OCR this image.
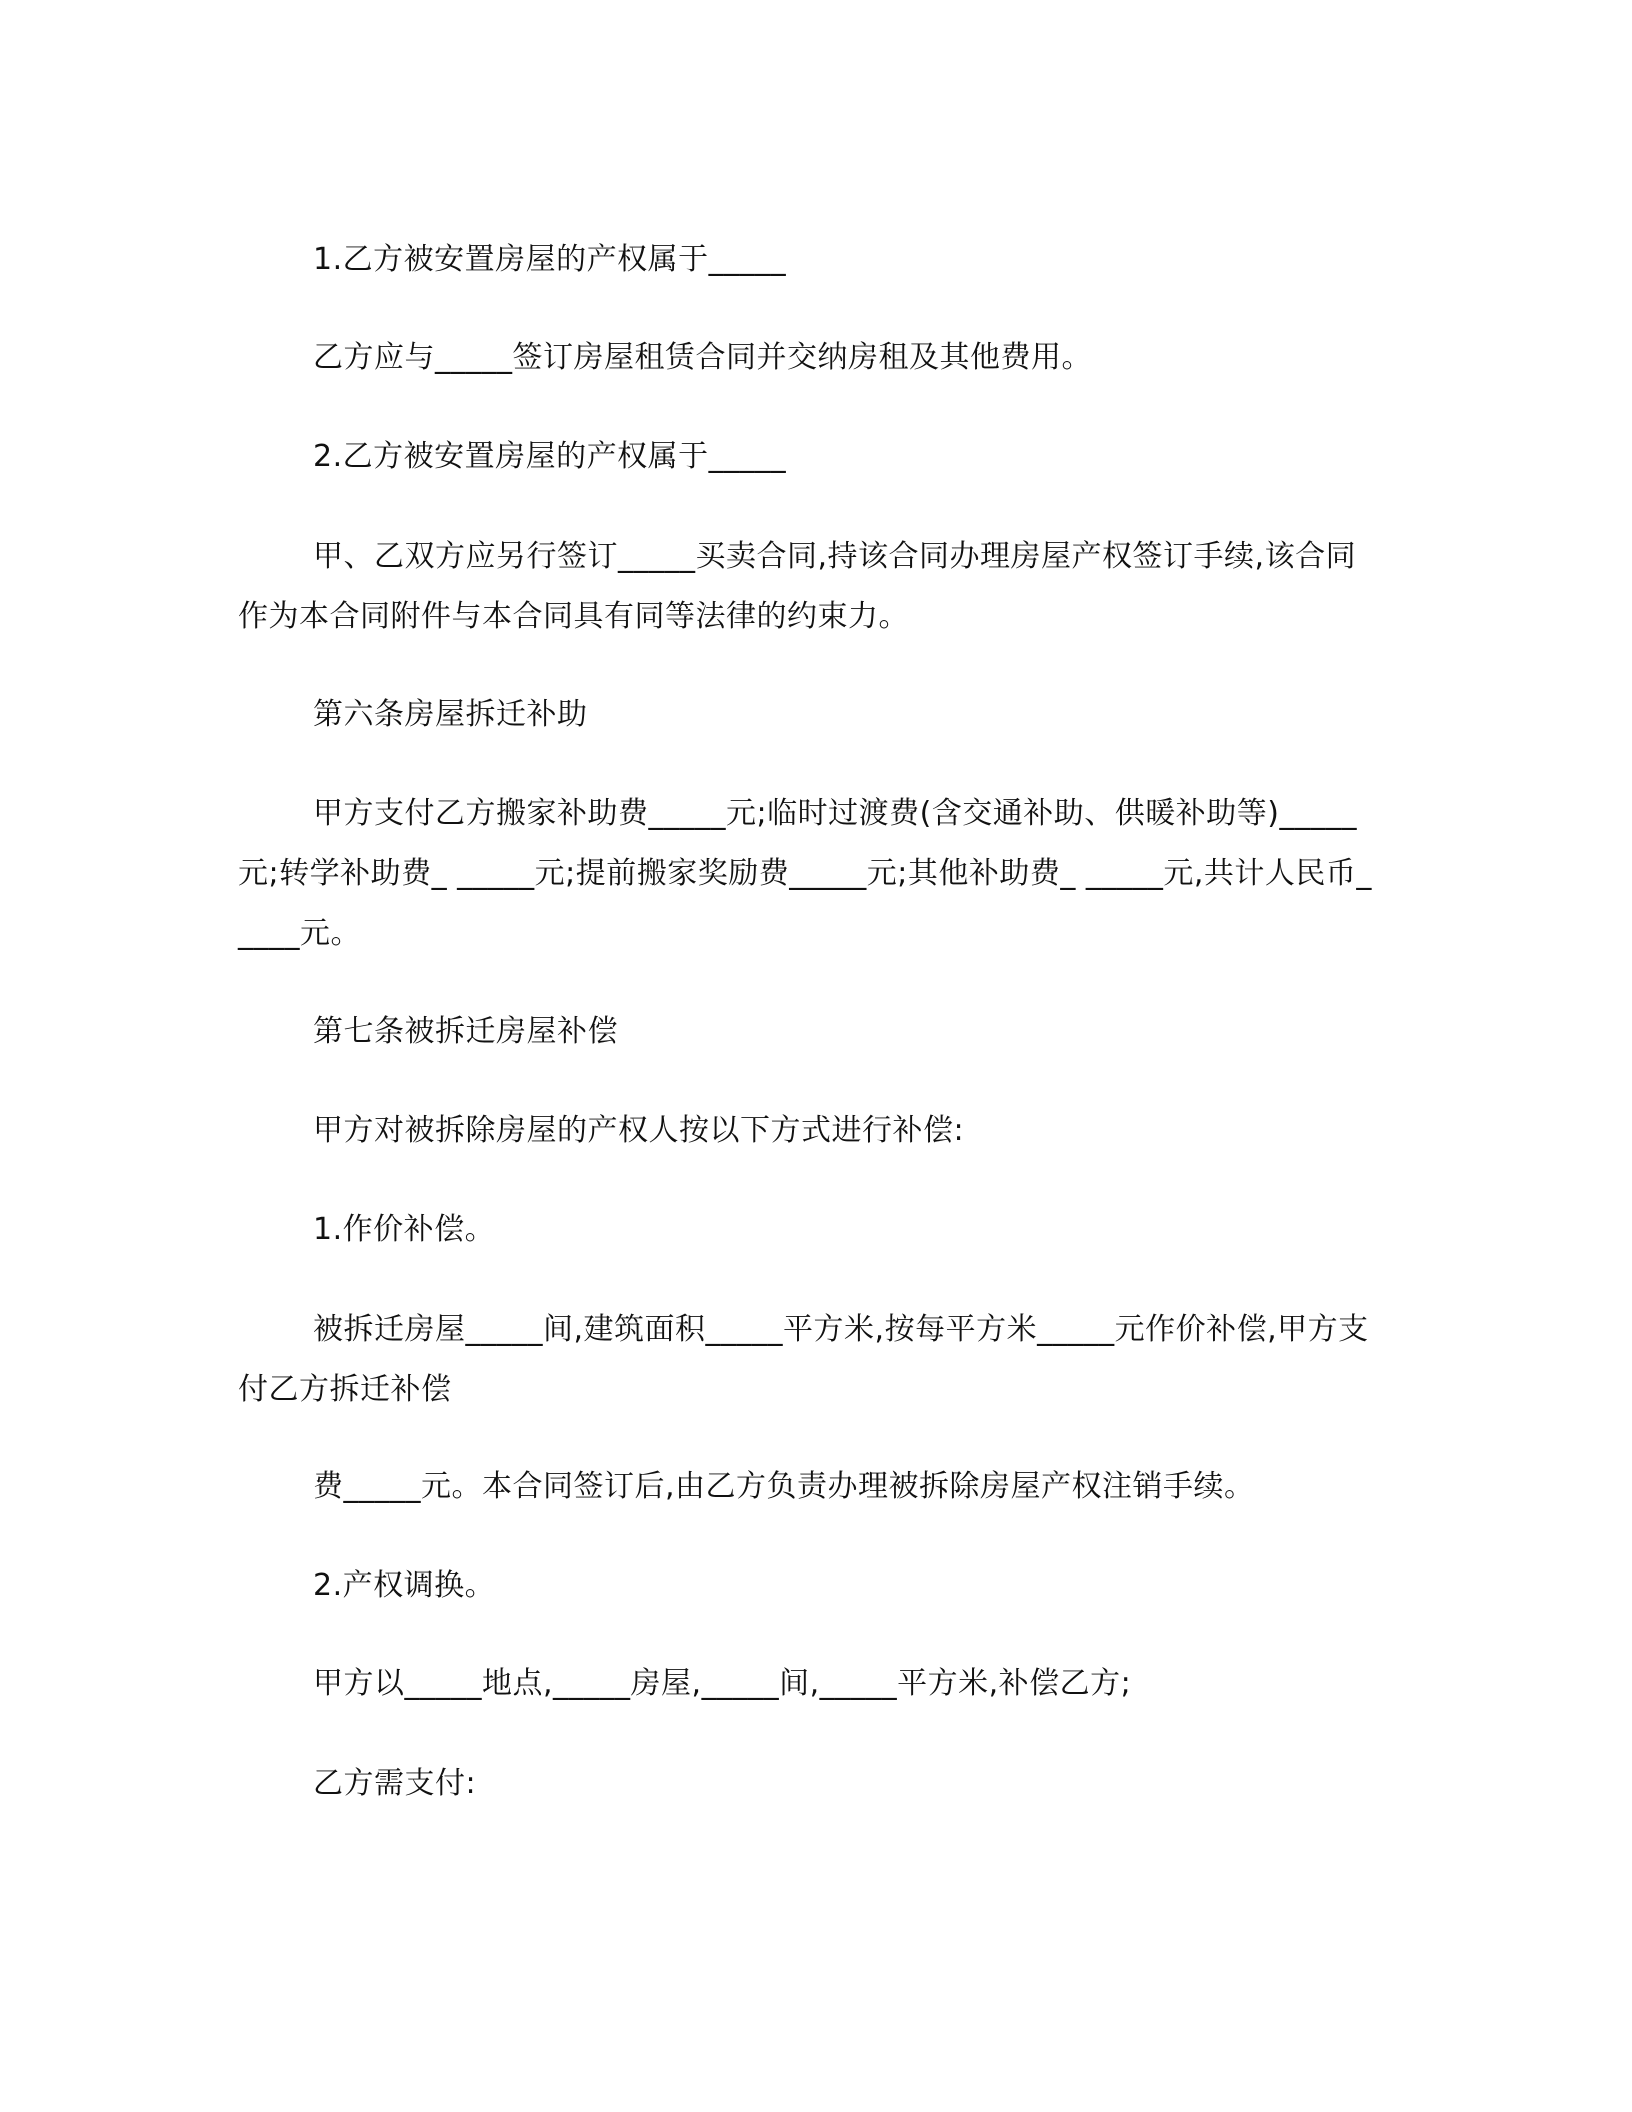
1.乙方被安置房屋的产权属于_____

乙方应与_____签订房屋租赁合同并交纳房租及其他费用。

2.乙方被安置房屋的产权属于_____

甲、乙双方应另行签订_____买卖合同,持该合同办理房屋产权签订手续,该合同作为本合同附件与本合同具有同等法律的约束力。

第六条房屋拆迁补助

甲方支付乙方搬家补助费_____元;临时过渡费(含交通补助、供暖补助等)_____元;转学补助费_ _____元;提前搬家奖励费_____元;其他补助费_ _____元,共计人民币_____元。

第七条被拆迁房屋补偿

甲方对被拆除房屋的产权人按以下方式进行补偿:

1.作价补偿。

被拆迁房屋_____间,建筑面积_____平方米,按每平方米_____元作价补偿,甲方支付乙方拆迁补偿

费_____元。本合同签订后,由乙方负责办理被拆除房屋产权注销手续。

2.产权调换。

甲方以_____地点,_____房屋,_____间,_____平方米,补偿乙方;

乙方需支付:
